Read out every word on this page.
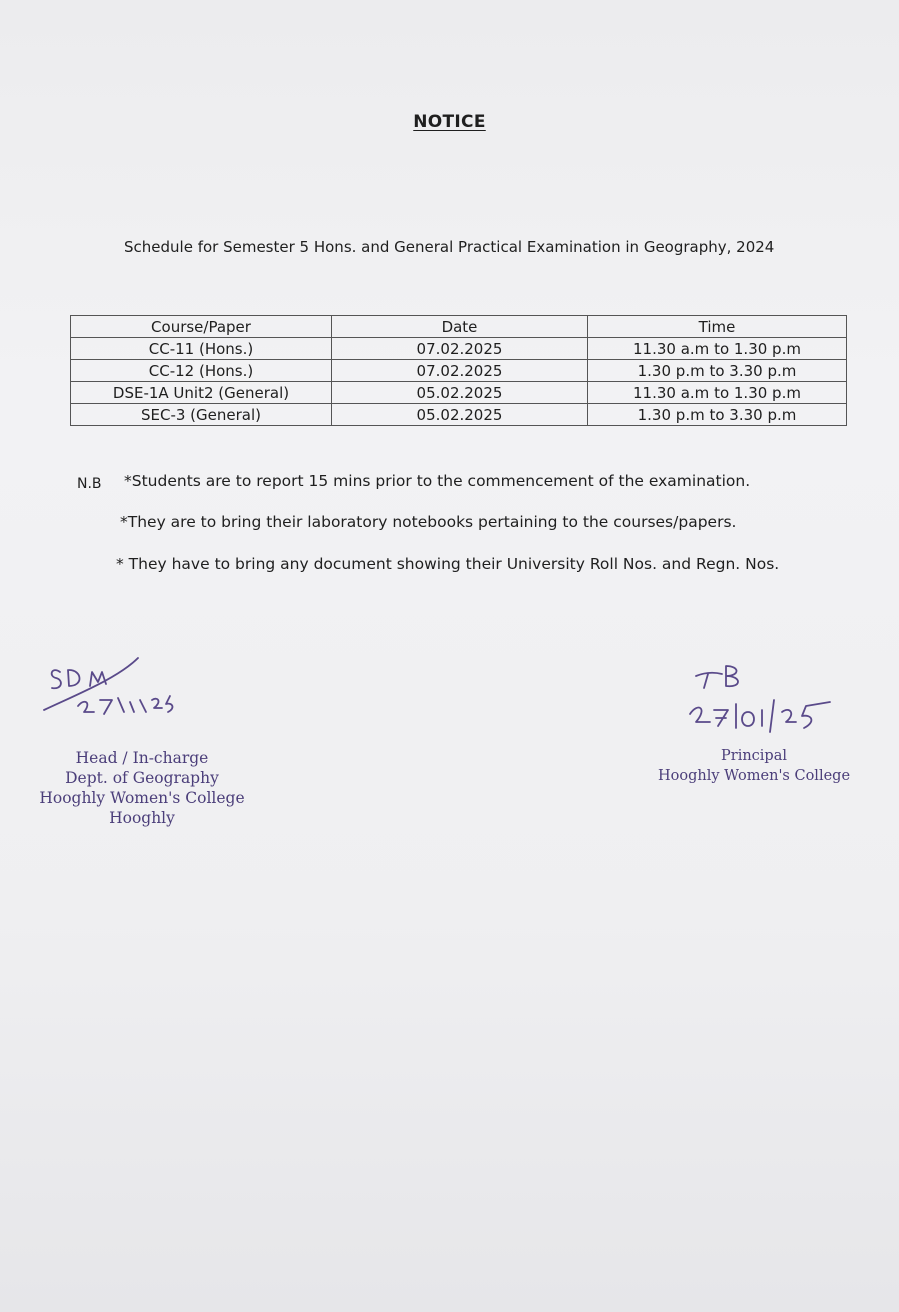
NOTICE
Schedule for Semester 5 Hons. and General Practical Examination in Geography, 2024
Course/Paper	Date	Time
CC-11 (Hons.)	07.02.2025	11.30 a.m to 1.30 p.m
CC-12 (Hons.)	07.02.2025	1.30 p.m to 3.30 p.m
DSE-1A Unit2 (General)	05.02.2025	11.30 a.m to 1.30 p.m
SEC-3 (General)	05.02.2025	1.30 p.m to 3.30 p.m
N.B *Students are to report 15 mins prior to the commencement of the examination.
*They are to bring their laboratory notebooks pertaining to the courses/papers.
* They have to bring any document showing their University Roll Nos. and Regn. Nos.
Head / In-charge
Dept. of Geography
Hooghly Women's College
Hooghly
Principal
Hooghly Women's College
